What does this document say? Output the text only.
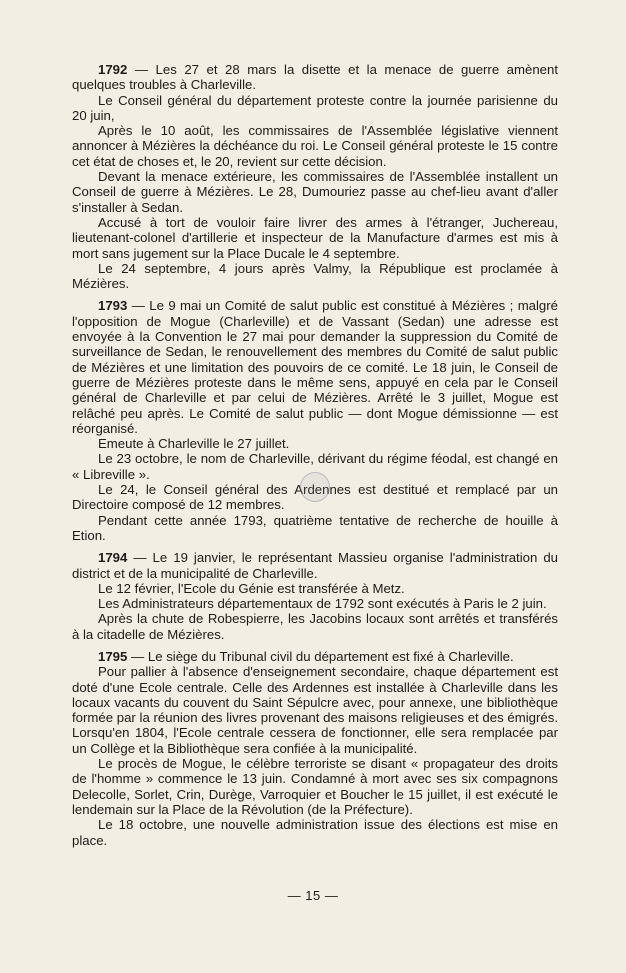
1792 — Les 27 et 28 mars la disette et la menace de guerre amènent quelques troubles à Charleville.

Le Conseil général du département proteste contre la journée parisienne du 20 juin,

Après le 10 août, les commissaires de l'Assemblée législative viennent annoncer à Mézières la déchéance du roi. Le Conseil général proteste le 15 contre cet état de choses et, le 20, revient sur cette décision.

Devant la menace extérieure, les commissaires de l'Assemblée installent un Conseil de guerre à Mézières. Le 28, Dumouriez passe au chef-lieu avant d'aller s'installer à Sedan.

Accusé à tort de vouloir faire livrer des armes à l'étranger, Juchereau, lieutenant-colonel d'artillerie et inspecteur de la Manufacture d'armes est mis à mort sans jugement sur la Place Ducale le 4 septembre.

Le 24 septembre, 4 jours après Valmy, la République est proclamée à Mézières.

1793 — Le 9 mai un Comité de salut public est constitué à Mézières ; malgré l'opposition de Mogue (Charleville) et de Vassant (Sedan) une adresse est envoyée à la Convention le 27 mai pour demander la suppression du Comité de surveillance de Sedan, le renouvellement des membres du Comité de salut public de Mézières et une limitation des pouvoirs de ce comité. Le 18 juin, le Conseil de guerre de Mézières proteste dans le même sens, appuyé en cela par le Conseil général de Charleville et par celui de Mézières. Arrêté le 3 juillet, Mogue est relâché peu après. Le Comité de salut public — dont Mogue démissionne — est réorganisé.

Emeute à Charleville le 27 juillet.

Le 23 octobre, le nom de Charleville, dérivant du régime féodal, est changé en « Libreville ».

Le 24, le Conseil général des Ardennes est destitué et remplacé par un Directoire composé de 12 membres.

Pendant cette année 1793, quatrième tentative de recherche de houille à Etion.

1794 — Le 19 janvier, le représentant Massieu organise l'administration du district et de la municipalité de Charleville.

Le 12 février, l'Ecole du Génie est transférée à Metz.

Les Administrateurs départementaux de 1792 sont exécutés à Paris le 2 juin.

Après la chute de Robespierre, les Jacobins locaux sont arrêtés et transférés à la citadelle de Mézières.

1795 — Le siège du Tribunal civil du département est fixé à Charleville.

Pour pallier à l'absence d'enseignement secondaire, chaque département est doté d'une Ecole centrale. Celle des Ardennes est installée à Charleville dans les locaux vacants du couvent du Saint Sépulcre avec, pour annexe, une bibliothèque formée par la réunion des livres provenant des maisons religieuses et des émigrés. Lorsqu'en 1804, l'Ecole centrale cessera de fonctionner, elle sera remplacée par un Collège et la Bibliothèque sera confiée à la municipalité.

Le procès de Mogue, le célèbre terroriste se disant « propagateur des droits de l'homme » commence le 13 juin. Condamné à mort avec ses six compagnons Delecolle, Sorlet, Crin, Durège, Varroquier et Boucher le 15 juillet, il est exécuté le lendemain sur la Place de la Révolution (de la Préfecture).

Le 18 octobre, une nouvelle administration issue des élections est mise en place.

— 15 —
